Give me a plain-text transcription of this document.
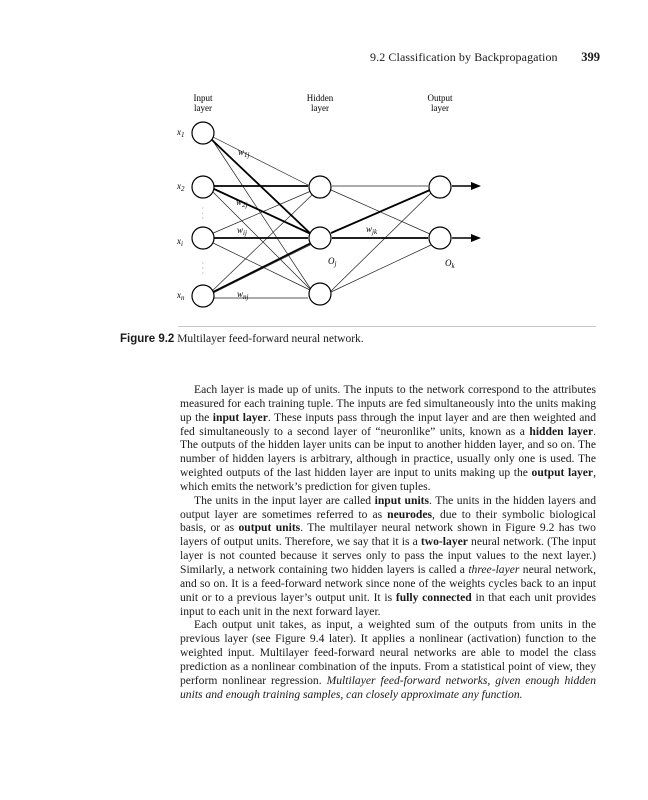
9.2 Classification by Backpropagation 399
Input
layer
Hidden
layer
Output
layer
·  ·  ·
·  ·  ·
$x_1$
$x_2$
$x_i$
$x_n$
$w_{1j}$
$w_{2j}$
$w_{ij}$
$w_{nj}$
$w_{jk}$
$O_j$	$O_k$
Figure 9.2 Multilayer feed-forward neural network.

Each layer is made up of units. The inputs to the network correspond to the attributes measured for each training tuple. The inputs are fed simultaneously into the units making up the input layer. These inputs pass through the input layer and are then weighted and fed simultaneously to a second layer of “neuronlike” units, known as a hidden layer. The outputs of the hidden layer units can be input to another hidden layer, and so on. The number of hidden layers is arbitrary, although in practice, usually only one is used. The weighted outputs of the last hidden layer are input to units making up the output layer, which emits the network’s prediction for given tuples.

The units in the input layer are called input units. The units in the hidden layers and output layer are sometimes referred to as neurodes, due to their symbolic biological basis, or as output units. The multilayer neural network shown in Figure 9.2 has two layers of output units. Therefore, we say that it is a two-layer neural network. (The input layer is not counted because it serves only to pass the input values to the next layer.) Similarly, a network containing two hidden layers is called a three-layer neural network, and so on. It is a feed-forward network since none of the weights cycles back to an input unit or to a previous layer’s output unit. It is fully connected in that each unit provides input to each unit in the next forward layer.

Each output unit takes, as input, a weighted sum of the outputs from units in the previous layer (see Figure 9.4 later). It applies a nonlinear (activation) function to the weighted input. Multilayer feed-forward neural networks are able to model the class prediction as a nonlinear combination of the inputs. From a statistical point of view, they perform nonlinear regression. Multilayer feed-forward networks, given enough hidden units and enough training samples, can closely approximate any function.
